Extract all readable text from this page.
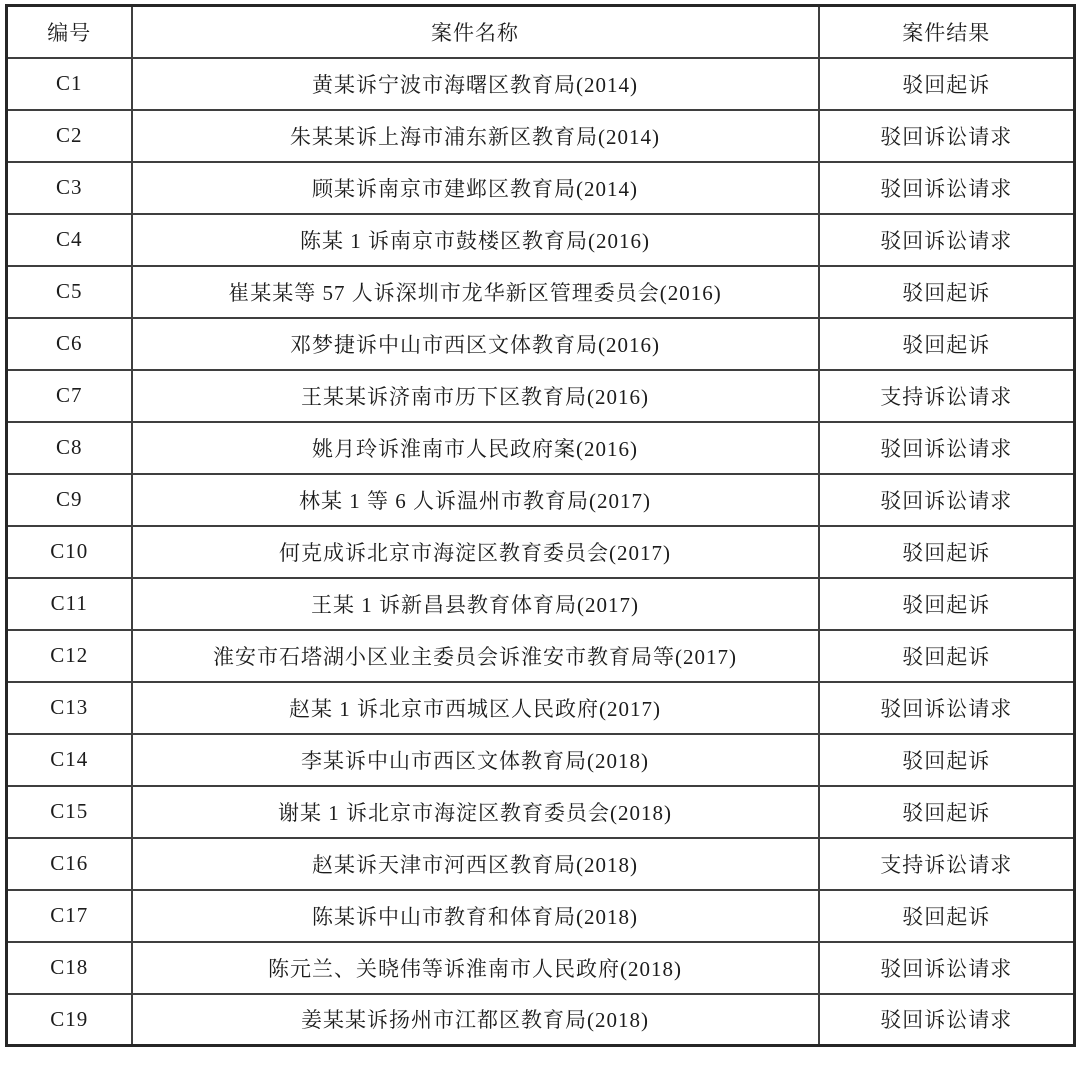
编号	案件名称	案件结果
C1	黄某诉宁波市海曙区教育局(2014)	驳回起诉
C2	朱某某诉上海市浦东新区教育局(2014)	驳回诉讼请求
C3	顾某诉南京市建邺区教育局(2014)	驳回诉讼请求
C4	陈某 1 诉南京市鼓楼区教育局(2016)	驳回诉讼请求
C5	崔某某等 57 人诉深圳市龙华新区管理委员会(2016)	驳回起诉
C6	邓梦捷诉中山市西区文体教育局(2016)	驳回起诉
C7	王某某诉济南市历下区教育局(2016)	支持诉讼请求
C8	姚月玲诉淮南市人民政府案(2016)	驳回诉讼请求
C9	林某 1 等 6 人诉温州市教育局(2017)	驳回诉讼请求
C10	何克成诉北京市海淀区教育委员会(2017)	驳回起诉
C11	王某 1 诉新昌县教育体育局(2017)	驳回起诉
C12	淮安市石塔湖小区业主委员会诉淮安市教育局等(2017)	驳回起诉
C13	赵某 1 诉北京市西城区人民政府(2017)	驳回诉讼请求
C14	李某诉中山市西区文体教育局(2018)	驳回起诉
C15	谢某 1 诉北京市海淀区教育委员会(2018)	驳回起诉
C16	赵某诉天津市河西区教育局(2018)	支持诉讼请求
C17	陈某诉中山市教育和体育局(2018)	驳回起诉
C18	陈元兰、关晓伟等诉淮南市人民政府(2018)	驳回诉讼请求
C19	姜某某诉扬州市江都区教育局(2018)	驳回诉讼请求
